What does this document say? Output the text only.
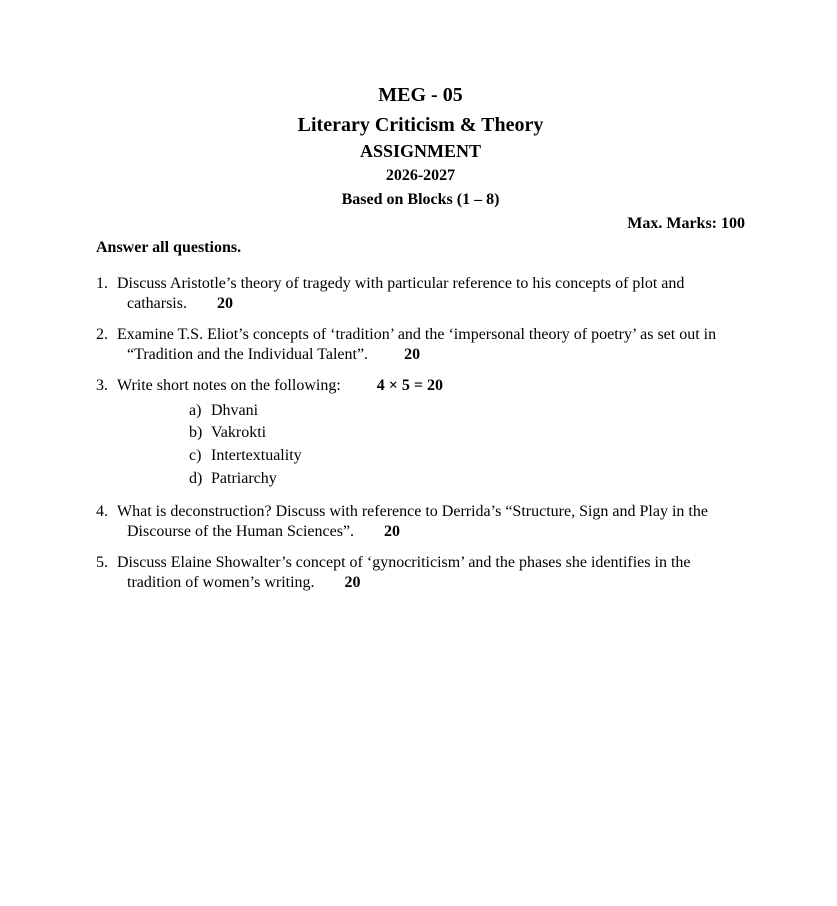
MEG - 05

Literary Criticism & Theory

ASSIGNMENT

2026-2027

Based on Blocks (1 – 8)

Max. Marks: 100

Answer all questions.

1. Discuss Aristotle’s theory of tragedy with particular reference to his concepts of plot and catharsis. 20
2. Examine T.S. Eliot’s concepts of ‘tradition’ and the ‘impersonal theory of poetry’ as set out in “Tradition and the Individual Talent”. 20
3. Write short notes on the following: 4 × 5 = 20
a) Dhvani
b) Vakrokti
c) Intertextuality
d) Patriarchy
4. What is deconstruction? Discuss with reference to Derrida’s “Structure, Sign and Play in the Discourse of the Human Sciences”. 20
5. Discuss Elaine Showalter’s concept of ‘gynocriticism’ and the phases she identifies in the tradition of women’s writing. 20
